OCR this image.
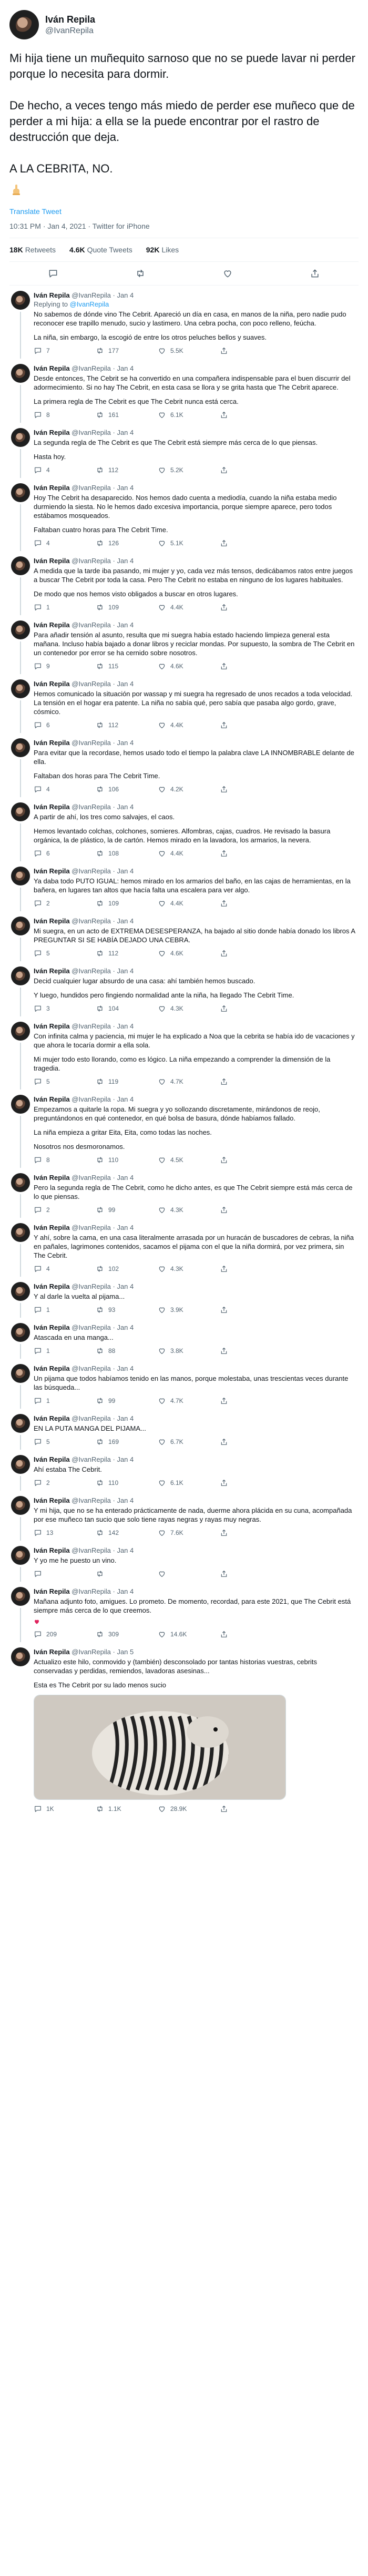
Iván Repila
@IvanRepila

Mi hija tiene un muñequito sarnoso que no se puede lavar ni perder porque lo necesita para dormir.

De hecho, a veces tengo más miedo de perder ese muñeco que de perder a mi hija: a ella se la puede encontrar por el rastro de destrucción que deja.

A LA CEBRITA, NO.

Translate Tweet
10:31 PM · Jan 4, 2021 · Twitter for iPhone
18K Retweets 4.6K Quote Tweets 92K Likes
Iván Repila @IvanRepila · Jan 4
Replying to @IvanRepila

No sabemos de dónde vino The Cebrit. Apareció un día en casa, en manos de la niña, pero nadie pudo reconocer ese trapillo menudo, sucio y lastimero. Una cebra pocha, con poco relleno, feúcha.

La niña, sin embargo, la escogió de entre los otros peluches bellos y suaves.

7	177	5.5K
Iván Repila @IvanRepila · Jan 4

Desde entonces, The Cebrit se ha convertido en una compañera indispensable para el buen discurrir del adormecimiento. Si no hay The Cebrit, en esta casa se llora y se grita hasta que The Cebrit aparece.

La primera regla de The Cebrit es que The Cebrit nunca está cerca.

8	161	6.1K
Iván Repila @IvanRepila · Jan 4

La segunda regla de The Cebrit es que The Cebrit está siempre más cerca de lo que piensas.

Hasta hoy.

4	112	5.2K
Iván Repila @IvanRepila · Jan 4

Hoy The Cebrit ha desaparecido. Nos hemos dado cuenta a mediodía, cuando la niña estaba medio durmiendo la siesta. No le hemos dado excesiva importancia, porque siempre aparece, pero todos estábamos mosqueados.

Faltaban cuatro horas para The Cebrit Time.

4	126	5.1K
Iván Repila @IvanRepila · Jan 4

A medida que la tarde iba pasando, mi mujer y yo, cada vez más tensos, dedicábamos ratos entre juegos a buscar The Cebrit por toda la casa. Pero The Cebrit no estaba en ninguno de los lugares habituales.

De modo que nos hemos visto obligados a buscar en otros lugares.

1	109	4.4K
Iván Repila @IvanRepila · Jan 4

Para añadir tensión al asunto, resulta que mi suegra había estado haciendo limpieza general esta mañana. Incluso había bajado a donar libros y reciclar mondas. Por supuesto, la sombra de The Cebrit en un contenedor por error se ha cernido sobre nosotros.

9	115	4.6K
Iván Repila @IvanRepila · Jan 4

Hemos comunicado la situación por wassap y mi suegra ha regresado de unos recados a toda velocidad. La tensión en el hogar era patente. La niña no sabía qué, pero sabía que pasaba algo gordo, grave, cósmico.

6	112	4.4K
Iván Repila @IvanRepila · Jan 4

Para evitar que la recordase, hemos usado todo el tiempo la palabra clave LA INNOMBRABLE delante de ella.

Faltaban dos horas para The Cebrit Time.

4	106	4.2K
Iván Repila @IvanRepila · Jan 4

A partir de ahí, los tres como salvajes, el caos.

Hemos levantado colchas, colchones, somieres. Alfombras, cajas, cuadros. He revisado la basura orgánica, la de plástico, la de cartón. Hemos mirado en la lavadora, los armarios, la nevera.

6	108	4.4K
Iván Repila @IvanRepila · Jan 4

Ya daba todo PUTO IGUAL: hemos mirado en los armarios del baño, en las cajas de herramientas, en la bañera, en lugares tan altos que hacía falta una escalera para ver algo.

2	109	4.4K
Iván Repila @IvanRepila · Jan 4

Mi suegra, en un acto de EXTREMA DESESPERANZA, ha bajado al sitio donde había donado los libros A PREGUNTAR SI SE HABÍA DEJADO UNA CEBRA.

5	112	4.6K
Iván Repila @IvanRepila · Jan 4

Decid cualquier lugar absurdo de una casa: ahí también hemos buscado.

Y luego, hundidos pero fingiendo normalidad ante la niña, ha llegado The Cebrit Time.

3	104	4.3K
Iván Repila @IvanRepila · Jan 4

Con infinita calma y paciencia, mi mujer le ha explicado a Noa que la cebrita se había ido de vacaciones y que ahora le tocaría dormir a ella sola.

Mi mujer todo esto llorando, como es lógico. La niña empezando a comprender la dimensión de la tragedia.

5	119	4.7K
Iván Repila @IvanRepila · Jan 4

Empezamos a quitarle la ropa. Mi suegra y yo sollozando discretamente, mirándonos de reojo, preguntándonos en qué contenedor, en qué bolsa de basura, dónde habíamos fallado.

La niña empieza a gritar Eita, Eita, como todas las noches.

Nosotros nos desmoronamos.

8	110	4.5K
Iván Repila @IvanRepila · Jan 4

Pero la segunda regla de The Cebrit, como he dicho antes, es que The Cebrit siempre está más cerca de lo que piensas.

2	99	4.3K
Iván Repila @IvanRepila · Jan 4

Y ahí, sobre la cama, en una casa literalmente arrasada por un huracán de buscadores de cebras, la niña en pañales, lagrimones contenidos, sacamos el pijama con el que la niña dormirá, por vez primera, sin The Cebrit.

4	102	4.3K
Iván Repila @IvanRepila · Jan 4

Y al darle la vuelta al pijama...

1	93	3.9K
Iván Repila @IvanRepila · Jan 4

Atascada en una manga...

1	88	3.8K
Iván Repila @IvanRepila · Jan 4

Un pijama que todos habíamos tenido en las manos, porque molestaba, unas trescientas veces durante las búsqueda...

1	99	4.7K
Iván Repila @IvanRepila · Jan 4

EN LA PUTA MANGA DEL PIJAMA...

5	169	6.7K
Iván Repila @IvanRepila · Jan 4

Ahí estaba The Cebrit.

2	110	6.1K
Iván Repila @IvanRepila · Jan 4

Y mi hija, que no se ha enterado prácticamente de nada, duerme ahora plácida en su cuna, acompañada por ese muñeco tan sucio que solo tiene rayas negras y rayas muy negras.

13	142	7.6K
Iván Repila @IvanRepila · Jan 4

Y yo me he puesto un vino.

Iván Repila @IvanRepila · Jan 4

Mañana adjunto foto, amigues. Lo prometo. De momento, recordad, para este 2021, que The Cebrit está siempre más cerca de lo que creemos.

209	309	14.6K
Iván Repila @IvanRepila · Jan 5

Actualizo este hilo, conmovido y (también) desconsolado por tantas historias vuestras, cebrits conservadas y perdidas, remiendos, lavadoras asesinas...

Esta es The Cebrit por su lado menos sucio

1K	1.1K	28.9K
